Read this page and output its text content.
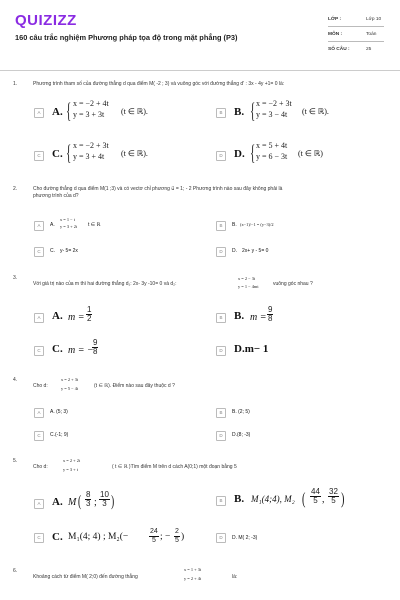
QUIZIZZ
160 câu trắc nghiệm Phương pháp tọa độ trong mặt phẳng (P3)
LỚP :	Lớp 10
MÔN :	Toán
SỐ CÂU :	25
1.	Phương trình tham số của đường thẳng d qua điểm M( -2 ; 3) và vuông góc với đường thẳng d' : 3x - 4y +1= 0 là:
A	A. { x = −2 + 4t
y = 3 + 3t	(t ∈ ℝ).	B	B. { x = −2 + 3t
y = 3 − 4t	(t ∈ ℝ).
C	C. { x = −2 + 3t
y = 3 + 4t	(t ∈ ℝ).	D	D. { x = 5 + 4t
y = 6 − 3t (t ∈ ℝ)
2.	Cho đường thẳng d qua điểm M(1 ;3) và có vectơ chỉ phương u⃗ = 1; - 2 Phương trình nào sau đây không phải là
phương trình của d?
A	A.
x = 1 − t
y = 3 + 2t t ∈ ℝ	B	B. (x−1)/−1 = (y−3)/2
C	C. y- 5= 2x	D	D. 2x+ y - 5= 0
3.
Với giá trị nào của m thì hai đường thẳng d₁: 2x- 3y -10= 0 và d₂:
x = 2 − 3t
y = 1 − 4mt	vuông góc nhau ?
A	A. $m = \frac{1}{2}$	B	B. $m = \frac{9}{8}$
C	C. m = −
$\frac{9}{8}$	D	D.m− 1
4.
Cho d:
x = 2 + 3t
y = 5 − 4t	(t ∈ ℝ). Điểm nào sau đây thuộc d ?
A	A. (5; 3)	B	B. (2; 5)
C	C.(-1; 9)	D	D.(8; -3)
5.
Cho d:
x = 2 + 2t
y = 3 + t	( t ∈ ℝ )Tìm điểm M trên d cách A(0;1) một đoạn bằng 5
A	A. M ( $\frac{8}{3}$ ; $\frac{10}{3}$ )	B	B. M₁(4;4), M₂ ( $\frac{44}{5}$ , $\frac{32}{5}$ )
C	C. M₁(4; 4) ; M₂(−	$\frac{24}{5}$ ; − $\frac{2}{5}$ )	D	D. M( 2; -3)
6.
Khoảng cách từ điểm M( 2;0) đến đường thẳng
x = 1 + 3t
y = 2 + 4t	là:
